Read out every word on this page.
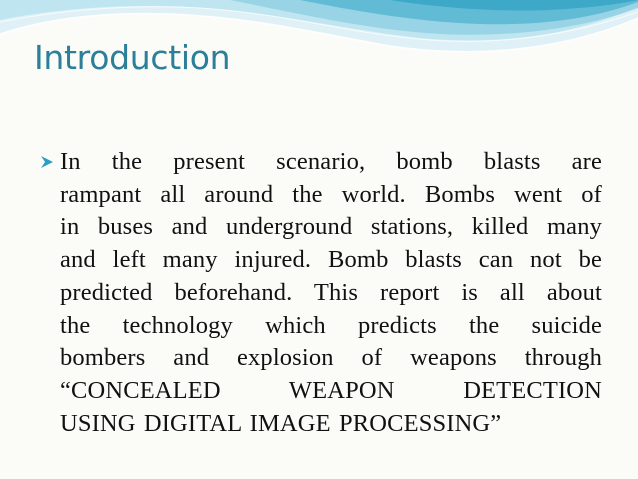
Introduction
In the present scenario, bomb blasts are
rampant all around the world. Bombs went of
in buses and underground stations, killed many
and left many injured. Bomb blasts can not be
predicted beforehand. This report is all about
the technology which predicts the suicide
bombers and explosion of weapons through
“CONCEALED WEAPON DETECTION
USING DIGITAL IMAGE PROCESSING”
